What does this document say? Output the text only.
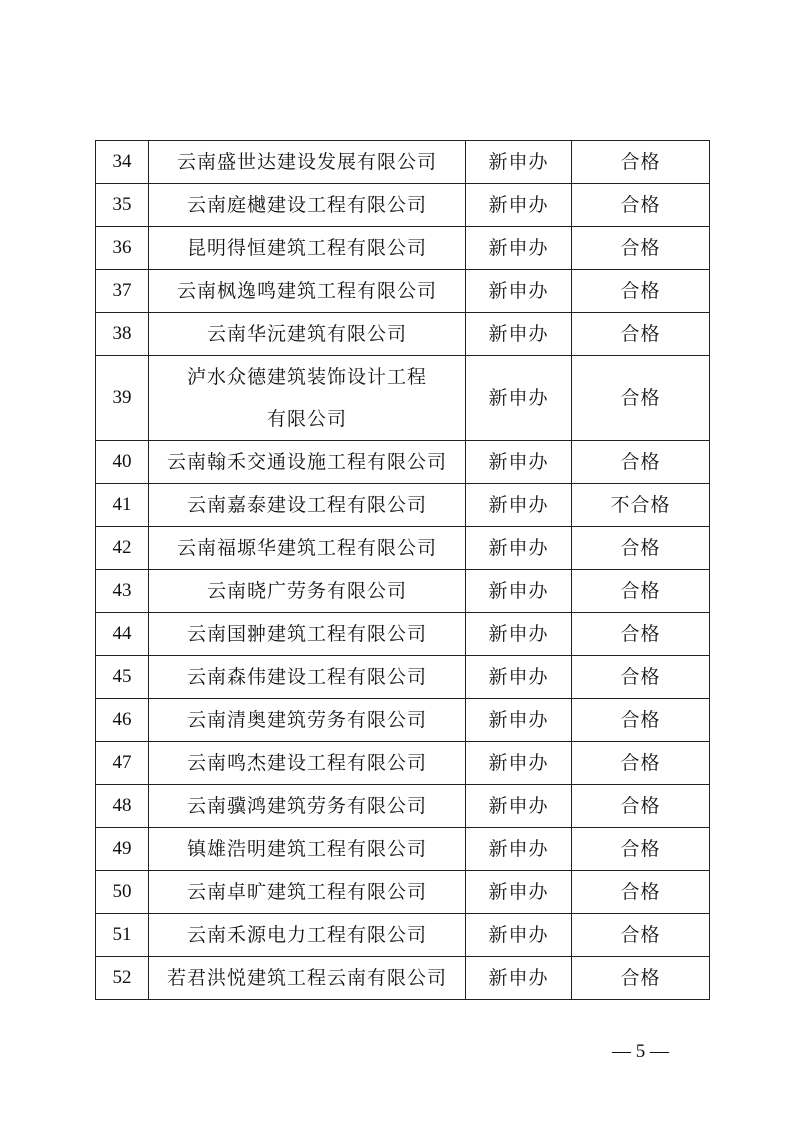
34	云南盛世达建设发展有限公司	新申办	合格
35	云南庭樾建设工程有限公司	新申办	合格
36	昆明得恒建筑工程有限公司	新申办	合格
37	云南枫逸鸣建筑工程有限公司	新申办	合格
38	云南华沅建筑有限公司	新申办	合格
39	泸水众德建筑装饰设计工程
有限公司	新申办	合格
40	云南翰禾交通设施工程有限公司	新申办	合格
41	云南嘉泰建设工程有限公司	新申办	不合格
42	云南福塬华建筑工程有限公司	新申办	合格
43	云南晓广劳务有限公司	新申办	合格
44	云南国翀建筑工程有限公司	新申办	合格
45	云南森伟建设工程有限公司	新申办	合格
46	云南清奥建筑劳务有限公司	新申办	合格
47	云南鸣杰建设工程有限公司	新申办	合格
48	云南骥鸿建筑劳务有限公司	新申办	合格
49	镇雄浩明建筑工程有限公司	新申办	合格
50	云南卓旷建筑工程有限公司	新申办	合格
51	云南禾源电力工程有限公司	新申办	合格
52	若君洪悦建筑工程云南有限公司	新申办	合格
— 5 —
